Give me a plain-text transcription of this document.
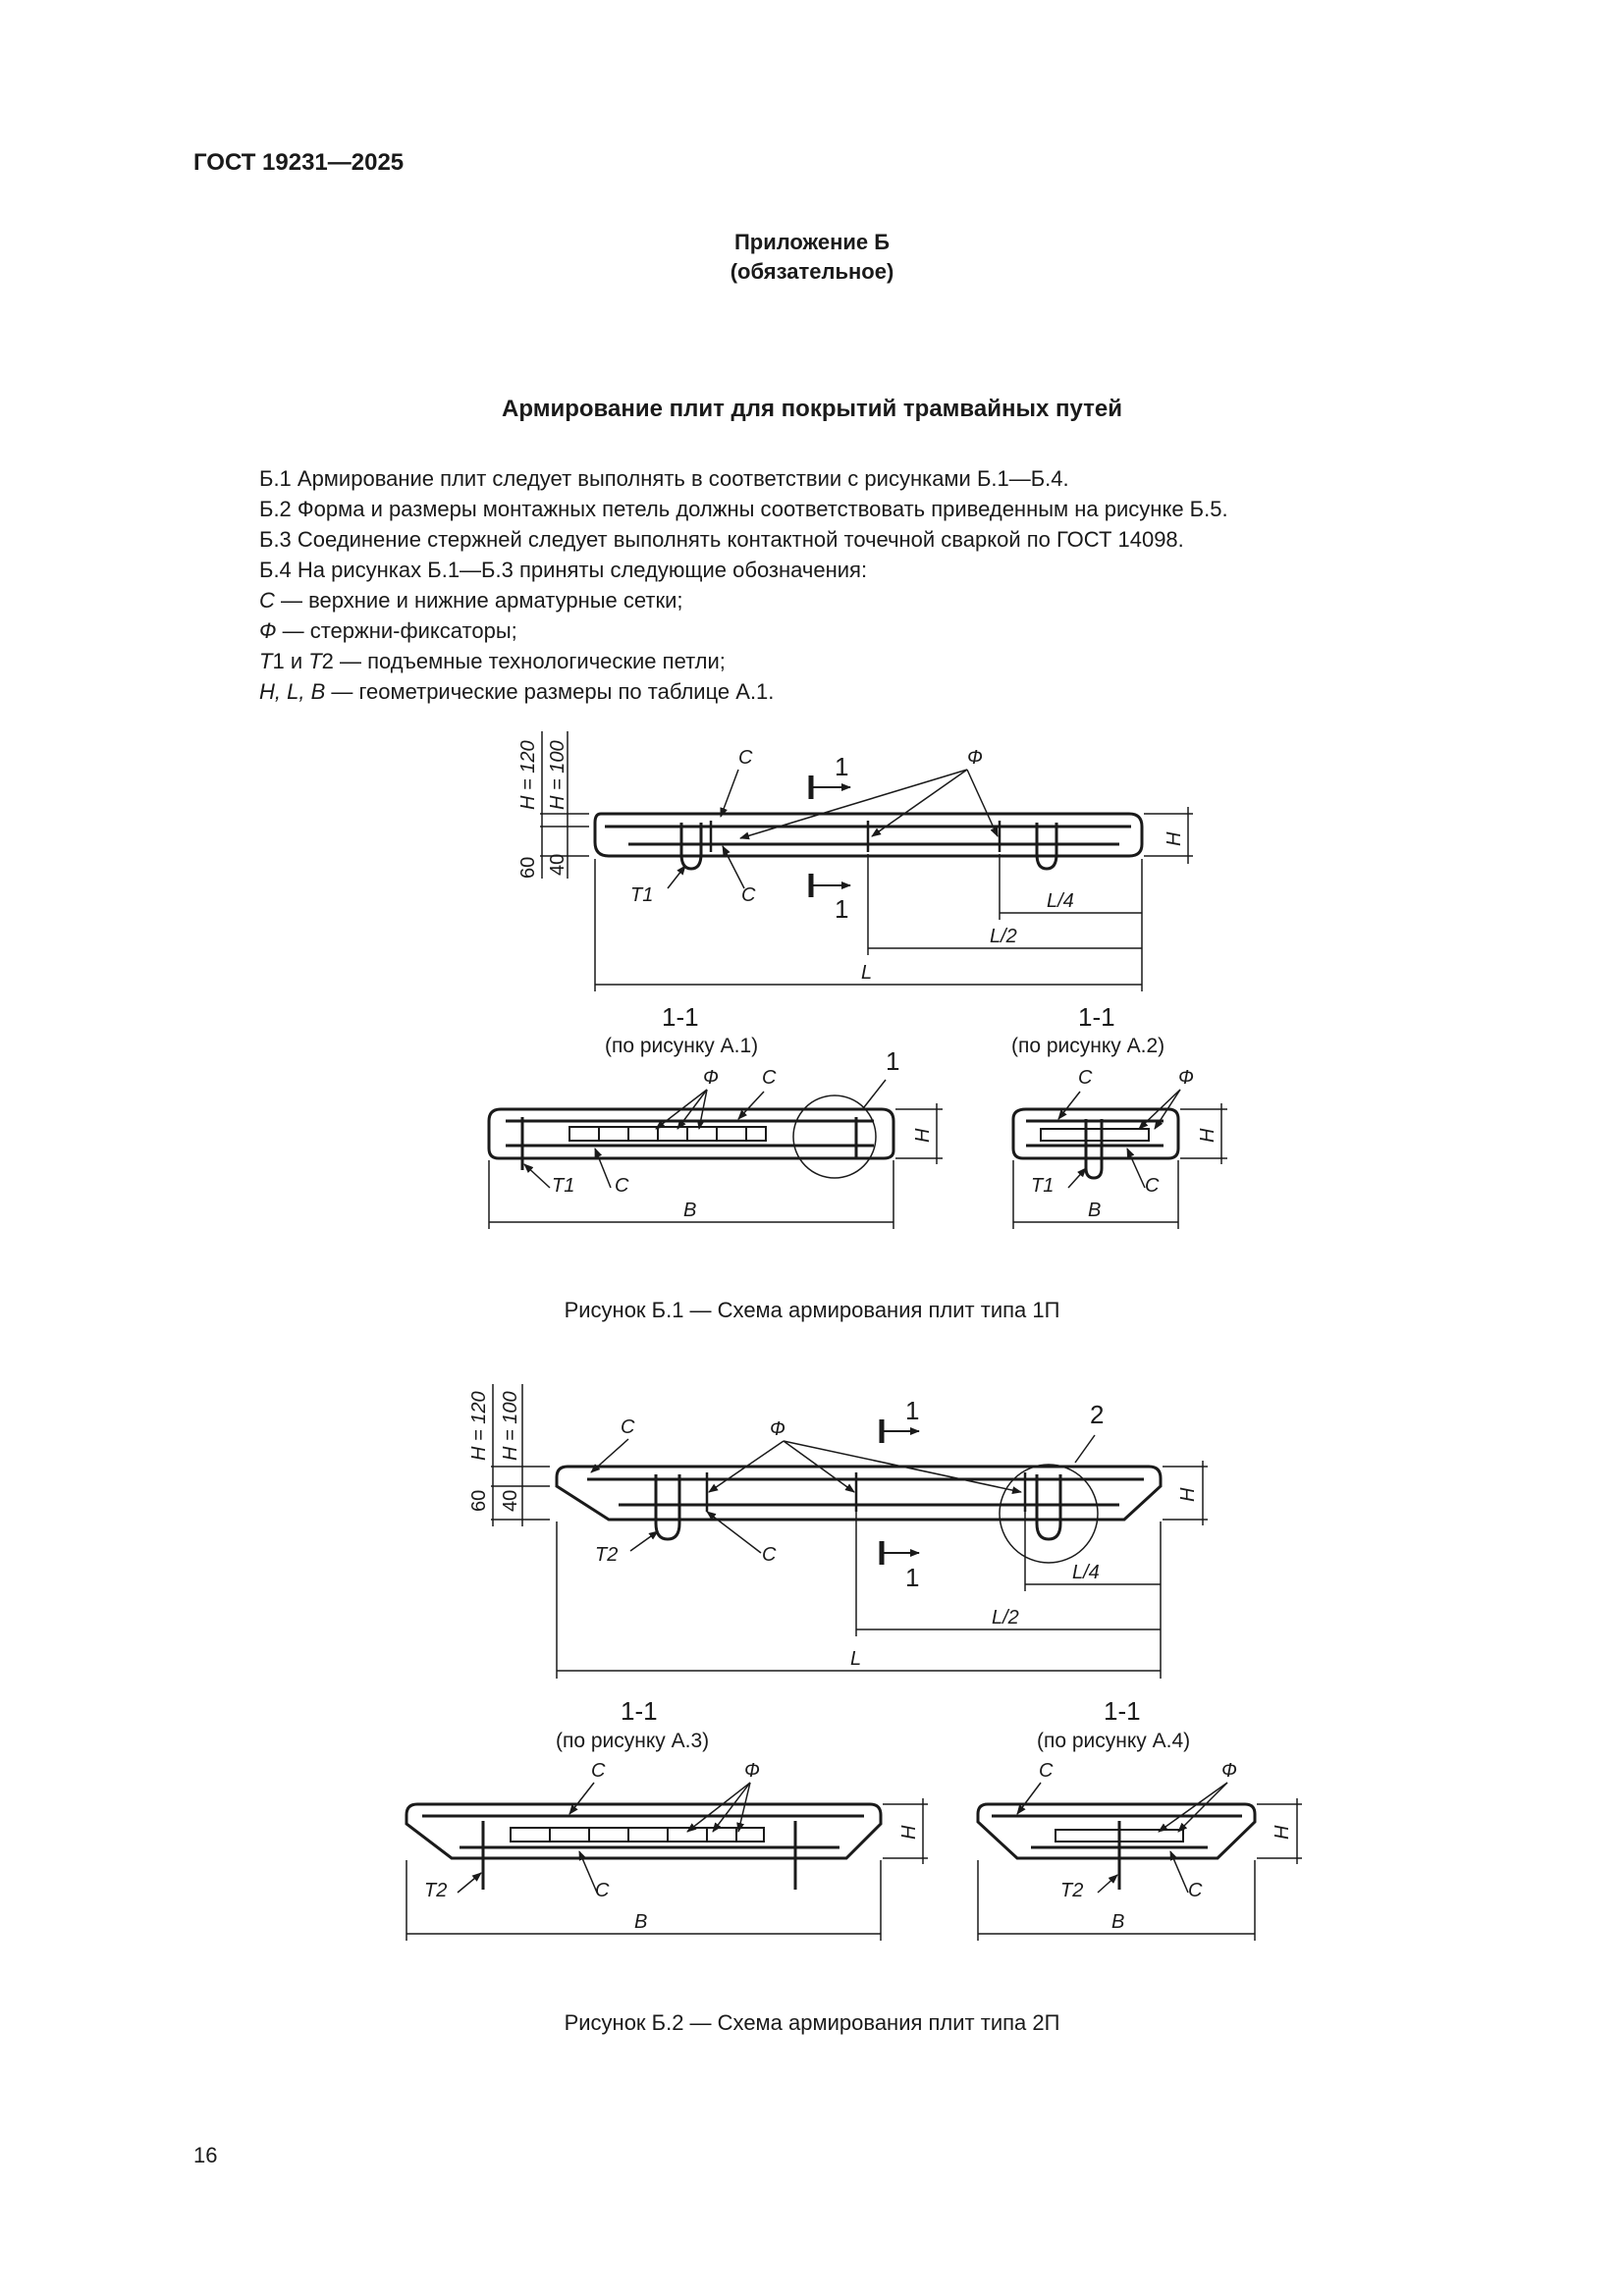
ГОСТ 19231—2025
Приложение Б
(обязательное)
Армирование плит для покрытий трамвайных путей
Б.1 Армирование плит следует выполнять в соответствии с рисунками Б.1—Б.4.
Б.2 Форма и размеры монтажных петель должны соответствовать приведенным на рисунке Б.5.
Б.3 Соединение стержней следует выполнять контактной точечной сваркой по ГОСТ 14098.
Б.4 На рисунках Б.1—Б.3 приняты следующие обозначения:
С — верхние и нижние арматурные сетки;
Ф — стержни-фиксаторы;
Т1 и Т2 — подъемные технологические петли;
Н, L, В — геометрические размеры по таблице А.1.
H = 120 H = 100
60 40
C
C
T1
Ф
H
L/4
L/2
L
1
1
1-1
(по рисунку А.1)
1-1
(по рисунку А.2)
1
Ф C
T1 C
H
B
C	Ф
T1	C
H
B
H = 120 H = 100
60 40
C	Ф
T2	C
H
L/4
L/2
L
1
1
2
1-1
(по рисунку А.3)
1-1
(по рисунку А.4)
C	Ф
T2	C
H
B
C	Ф
T2	C
H
B
Рисунок Б.1 — Схема армирования плит типа 1П
Рисунок Б.2 — Схема армирования плит типа 2П
16
